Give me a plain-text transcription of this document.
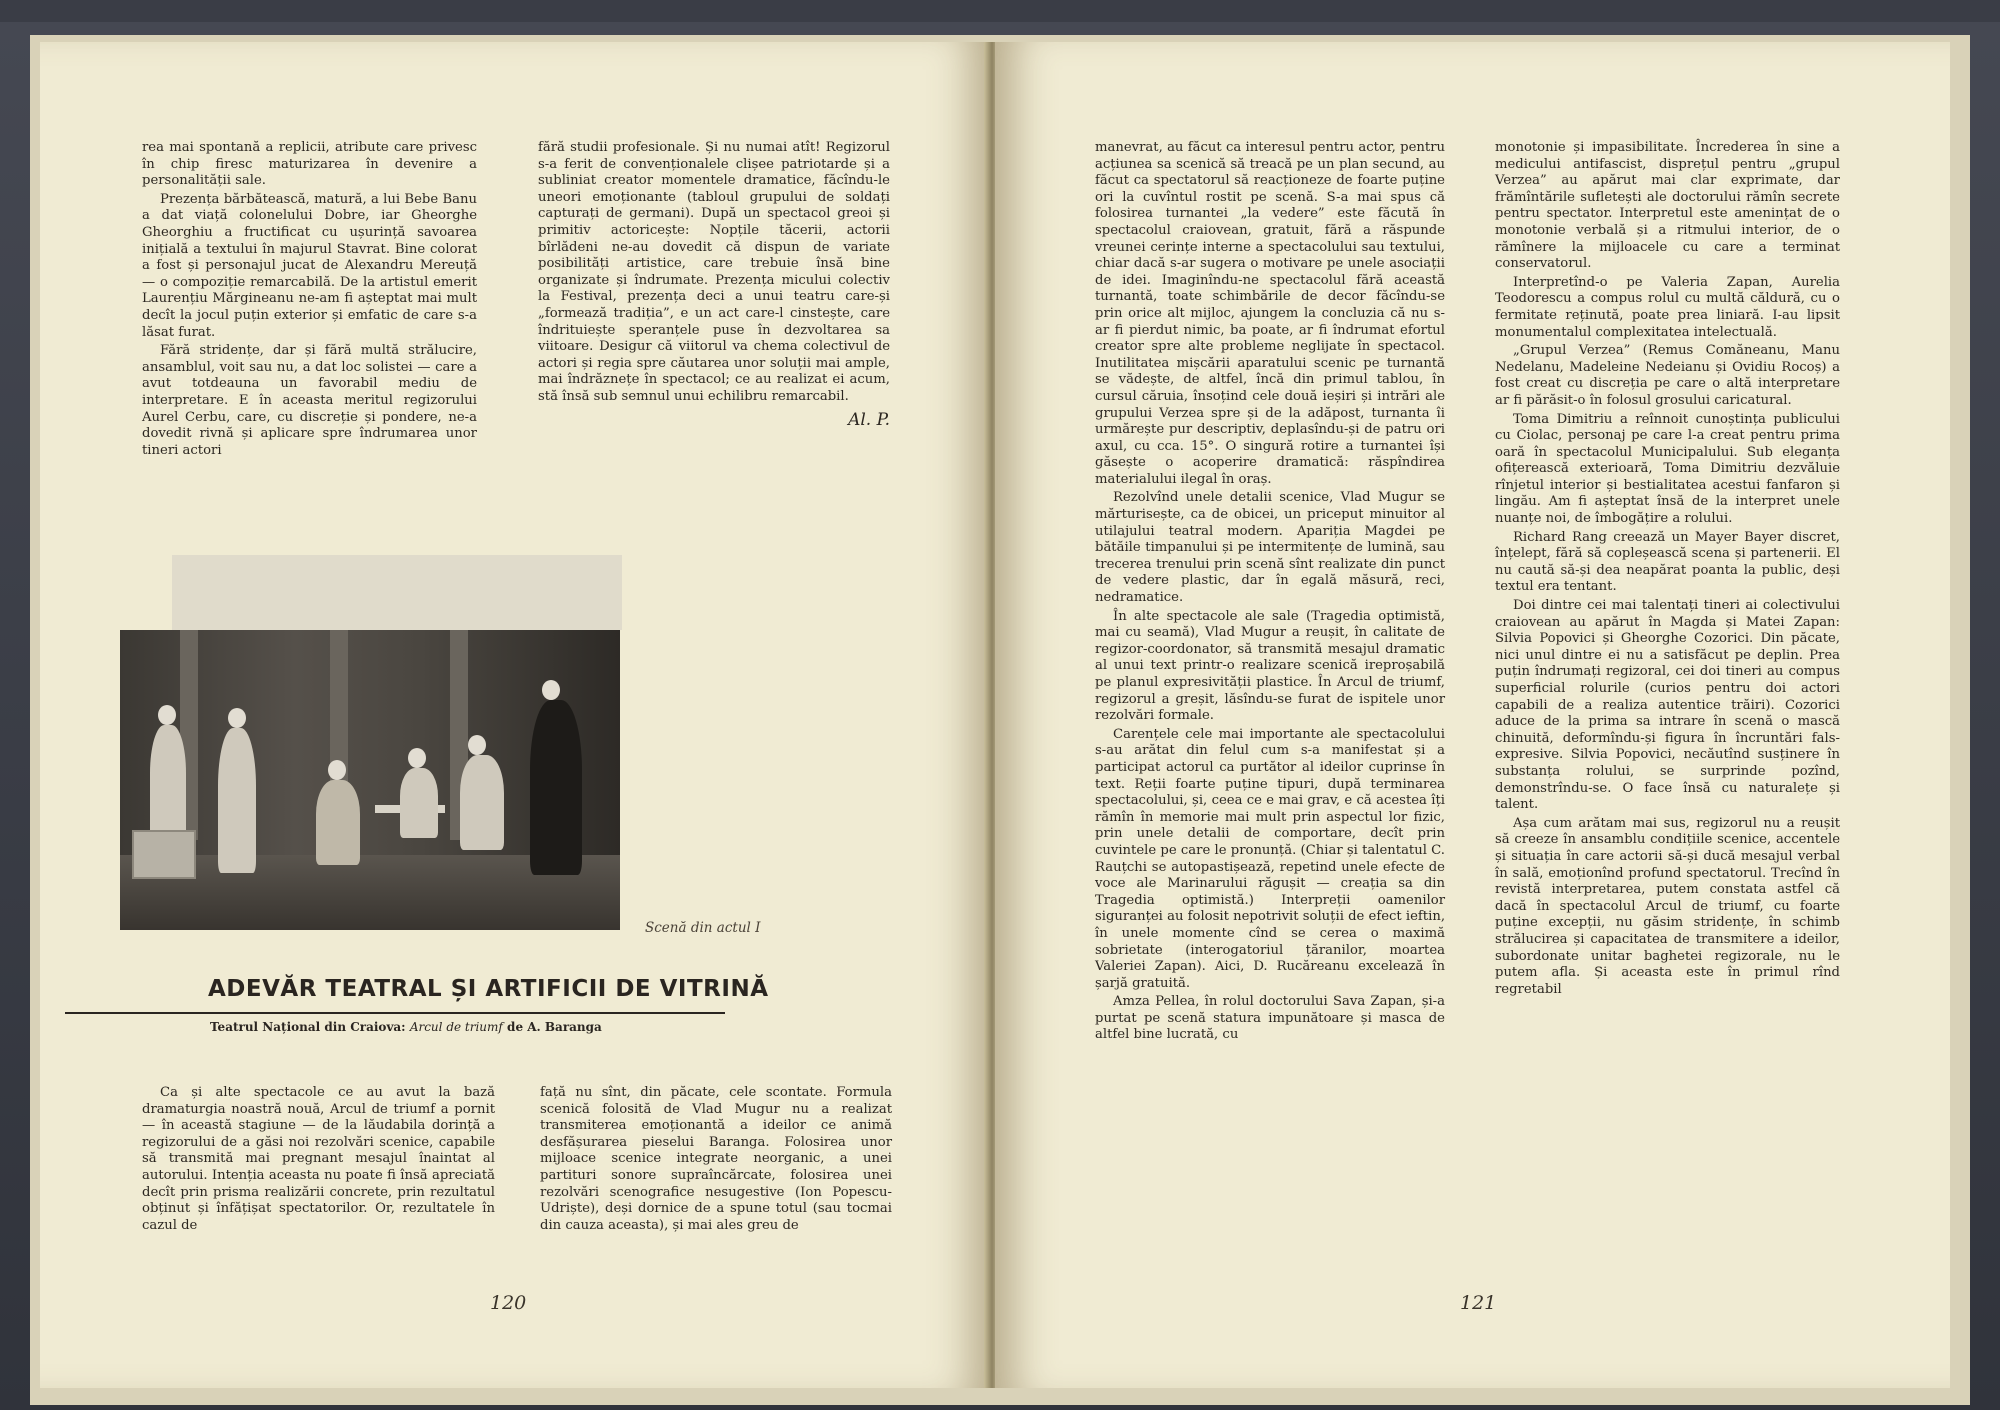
rea mai spontană a replicii, atribute care privesc în chip firesc maturizarea în devenire a personalității sale.

Prezența bărbătească, matură, a lui Bebe Banu a dat viață colonelului Dobre, iar Gheorghe Gheorghiu a fructificat cu ușurință savoarea inițială a textului în majurul Stavrat. Bine colorat a fost și personajul jucat de Alexandru Mereuță — o compoziție remarcabilă. De la artistul emerit Laurențiu Mărgineanu ne-am fi așteptat mai mult decît la jocul puțin exterior și emfatic de care s-a lăsat furat.

Fără stridențe, dar și fără multă strălucire, ansamblul, voit sau nu, a dat loc solistei — care a avut totdeauna un favorabil mediu de interpretare. E în aceasta meritul regizorului Aurel Cerbu, care, cu discreție și pondere, ne-a dovedit rivnă și aplicare spre îndrumarea unor tineri actori

fără studii profesionale. Și nu numai atît! Regizorul s-a ferit de convenționalele clișee patriotarde și a subliniat creator momentele dramatice, făcîndu-le uneori emoționante (tabloul grupului de soldați capturați de germani). După un spectacol greoi și primitiv actoricește: Nopțile tăcerii, actorii bîrlădeni ne-au dovedit că dispun de variate posibilități artistice, care trebuie însă bine organizate și îndrumate. Prezența micului colectiv la Festival, prezența deci a unui teatru care-și „formează tradiția”, e un act care-l cinstește, care îndrituiește speranțele puse în dezvoltarea sa viitoare. Desigur că viitorul va chema colectivul de actori și regia spre căutarea unor soluții mai ample, mai îndrăznețe în spectacol; ce au realizat ei acum, stă însă sub semnul unui echilibru remarcabil.

Al. P.

Scenă din actul I
ADEVĂR TEATRAL ȘI ARTIFICII DE VITRINĂ
Teatrul Național din Craiova: Arcul de triumf de A. Baranga

Ca și alte spectacole ce au avut la bază dramaturgia noastră nouă, Arcul de triumf a pornit — în această stagiune — de la lăudabila dorință a regizorului de a găsi noi rezolvări scenice, capabile să transmită mai pregnant mesajul înaintat al autorului. Intenția aceasta nu poate fi însă apreciată decît prin prisma realizării concrete, prin rezultatul obținut și înfățișat spectatorilor. Or, rezultatele în cazul de

față nu sînt, din păcate, cele scontate. Formula scenică folosită de Vlad Mugur nu a realizat transmiterea emoționantă a ideilor ce animă desfășurarea pieselui Baranga. Folosirea unor mijloace scenice integrate neorganic, a unei partituri sonore supraîncărcate, folosirea unei rezolvări scenografice nesugestive (Ion Popescu-Udriște), deși dornice de a spune totul (sau tocmai din cauza aceasta), și mai ales greu de

120

manevrat, au făcut ca interesul pentru actor, pentru acțiunea sa scenică să treacă pe un plan secund, au făcut ca spectatorul să reacționeze de foarte puține ori la cuvîntul rostit pe scenă. S-a mai spus că folosirea turnantei „la vedere” este făcută în spectacolul craiovean, gratuit, fără a răspunde vreunei cerințe interne a spectacolului sau textului, chiar dacă s-ar sugera o motivare pe unele asociații de idei. Imaginîndu-ne spectacolul fără această turnantă, toate schimbările de decor făcîndu-se prin orice alt mijloc, ajungem la concluzia că nu s-ar fi pierdut nimic, ba poate, ar fi îndrumat efortul creator spre alte probleme neglijate în spectacol. Inutilitatea mișcării aparatului scenic pe turnantă se vădește, de altfel, încă din primul tablou, în cursul căruia, însoțind cele două ieșiri și intrări ale grupului Verzea spre și de la adăpost, turnanta îi urmărește pur descriptiv, deplasîndu-și de patru ori axul, cu cca. 15°. O singură rotire a turnantei își găsește o acoperire dramatică: răspîndirea materialului ilegal în oraș.

Rezolvînd unele detalii scenice, Vlad Mugur se mărturisește, ca de obicei, un priceput minuitor al utilajului teatral modern. Apariția Magdei pe bătăile timpanului și pe intermitențe de lumină, sau trecerea trenului prin scenă sînt realizate din punct de vedere plastic, dar în egală măsură, reci, nedramatice.

În alte spectacole ale sale (Tragedia optimistă, mai cu seamă), Vlad Mugur a reușit, în calitate de regizor-coordonator, să transmită mesajul dramatic al unui text printr-o realizare scenică ireproșabilă pe planul expresivității plastice. În Arcul de triumf, regizorul a greșit, lăsîndu-se furat de ispitele unor rezolvări formale.

Carențele cele mai importante ale spectacolului s-au arătat din felul cum s-a manifestat și a participat actorul ca purtător al ideilor cuprinse în text. Reții foarte puține tipuri, după terminarea spectacolului, și, ceea ce e mai grav, e că acestea îți rămîn în memorie mai mult prin aspectul lor fizic, prin unele detalii de comportare, decît prin cuvintele pe care le pronunță. (Chiar și talentatul C. Rauțchi se autopastișează, repetind unele efecte de voce ale Marinarului răgușit — creația sa din Tragedia optimistă.) Interpreții oamenilor siguranței au folosit nepotrivit soluții de efect ieftin, în unele momente cînd se cerea o maximă sobrietate (interogatoriul țăranilor, moartea Valeriei Zapan). Aici, D. Rucăreanu excelează în șarjă gratuită.

Amza Pellea, în rolul doctorului Sava Zapan, și-a purtat pe scenă statura impunătoare și masca de altfel bine lucrată, cu

monotonie și impasibilitate. Încrederea în sine a medicului antifascist, disprețul pentru „grupul Verzea” au apărut mai clar exprimate, dar frămîntările sufletești ale doctorului rămîn secrete pentru spectator. Interpretul este amenințat de o monotonie verbală și a ritmului interior, de o rămînere la mijloacele cu care a terminat conservatorul.

Interpretînd-o pe Valeria Zapan, Aurelia Teodorescu a compus rolul cu multă căldură, cu o fermitate reținută, poate prea liniară. I-au lipsit monumentalul complexitatea intelectuală.

„Grupul Verzea” (Remus Comăneanu, Manu Nedelanu, Madeleine Nedeianu și Ovidiu Rocoș) a fost creat cu discreția pe care o altă interpretare ar fi părăsit-o în folosul grosului caricatural.

Toma Dimitriu a reînnoit cunoștința publicului cu Ciolac, personaj pe care l-a creat pentru prima oară în spectacolul Municipalului. Sub eleganța ofițerească exterioară, Toma Dimitriu dezvăluie rînjetul interior și bestialitatea acestui fanfaron și lingău. Am fi așteptat însă de la interpret unele nuanțe noi, de îmbogățire a rolului.

Richard Rang creează un Mayer Bayer discret, înțelept, fără să copleșească scena și partenerii. El nu caută să-și dea neapărat poanta la public, deși textul era tentant.

Doi dintre cei mai talentați tineri ai colectivului craiovean au apărut în Magda și Matei Zapan: Silvia Popovici și Gheorghe Cozorici. Din păcate, nici unul dintre ei nu a satisfăcut pe deplin. Prea puțin îndrumați regizoral, cei doi tineri au compus superficial rolurile (curios pentru doi actori capabili de a realiza autentice trăiri). Cozorici aduce de la prima sa intrare în scenă o mască chinuită, deformîndu-și figura în încruntări fals-expresive. Silvia Popovici, necăutînd susținere în substanța rolului, se surprinde pozînd, demonstrîndu-se. O face însă cu naturalețe și talent.

Așa cum arătam mai sus, regizorul nu a reușit să creeze în ansamblu condițiile scenice, accentele și situația în care actorii să-și ducă mesajul verbal în sală, emoționînd profund spectatorul. Trecînd în revistă interpretarea, putem constata astfel că dacă în spectacolul Arcul de triumf, cu foarte puține excepții, nu găsim stridențe, în schimb strălucirea și capacitatea de transmitere a ideilor, subordonate unitar baghetei regizorale, nu le putem afla. Și aceasta este în primul rînd regretabil

121
